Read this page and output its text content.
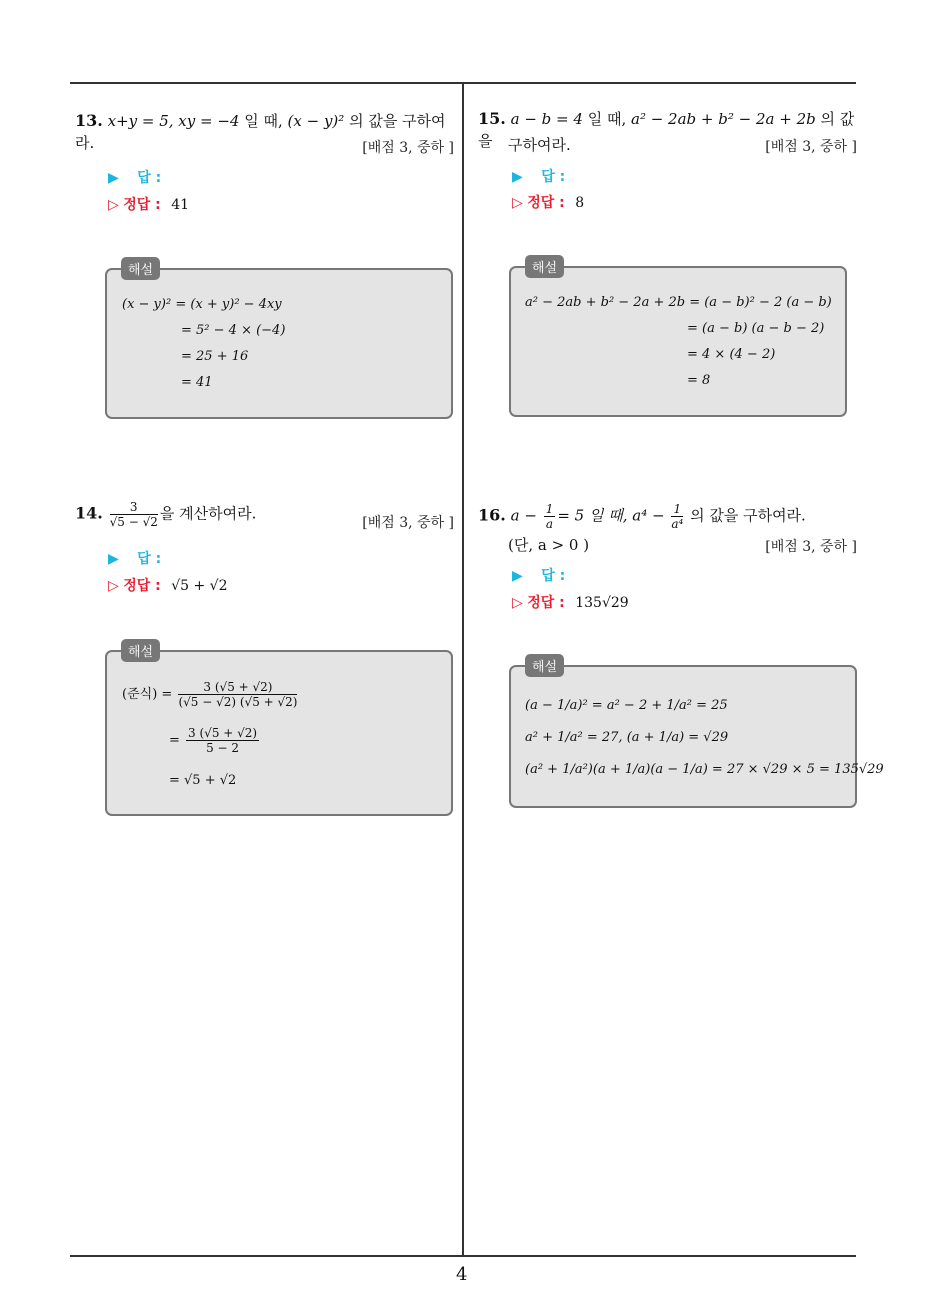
13. x+y = 5, xy = −4 일 때, (x − y)² 의 값을 구하여라.	[배점 3, 중하 ]
▶ 답 :
▷ 정답 : 41
해설
(x − y)² = (x + y)² − 4xy
= 5² − 4 × (−4)
= 25 + 16
= 41
14. $\frac{3}{√5 - √2}$ 을 계산하여라.
[배점 3, 중하 ]
▶ 답 :
▷ 정답 : √5 + √2
해설
(준식) = $\frac{3 (√5 + √2)}{(√5 - √2) (√5 + √2)}$
= $\frac{3 (√5 + √2)}{5 - 2}$
= √5 + √2
15. a − b = 4 일 때, a² − 2ab + b² − 2a + 2b 의 값을	구하여라.	[배점 3, 중하 ]
▶ 답 :
▷ 정답 : 8
해설
a² − 2ab + b² − 2a + 2b = (a − b)² − 2 (a − b)
= (a − b) (a − b − 2)
= 4 × (4 − 2)
= 8
16. $a - \frac{1}{a} = 5$ 일 때, $a^4 - \frac{1}{\text{a⁴}}$ 의 값을 구하여라.
(단, a > 0 )	[배점 3, 중하 ]
▶ 답 :
▷ 정답 : 135√29
해설
(a − 1/a)² = a² − 2 + 1/a² = 25
a² + 1/a² = 27, (a + 1/a) = √29
(a² + 1/a²)(a + 1/a)(a − 1/a) = 27 × √29 × 5 = 135√29
4
